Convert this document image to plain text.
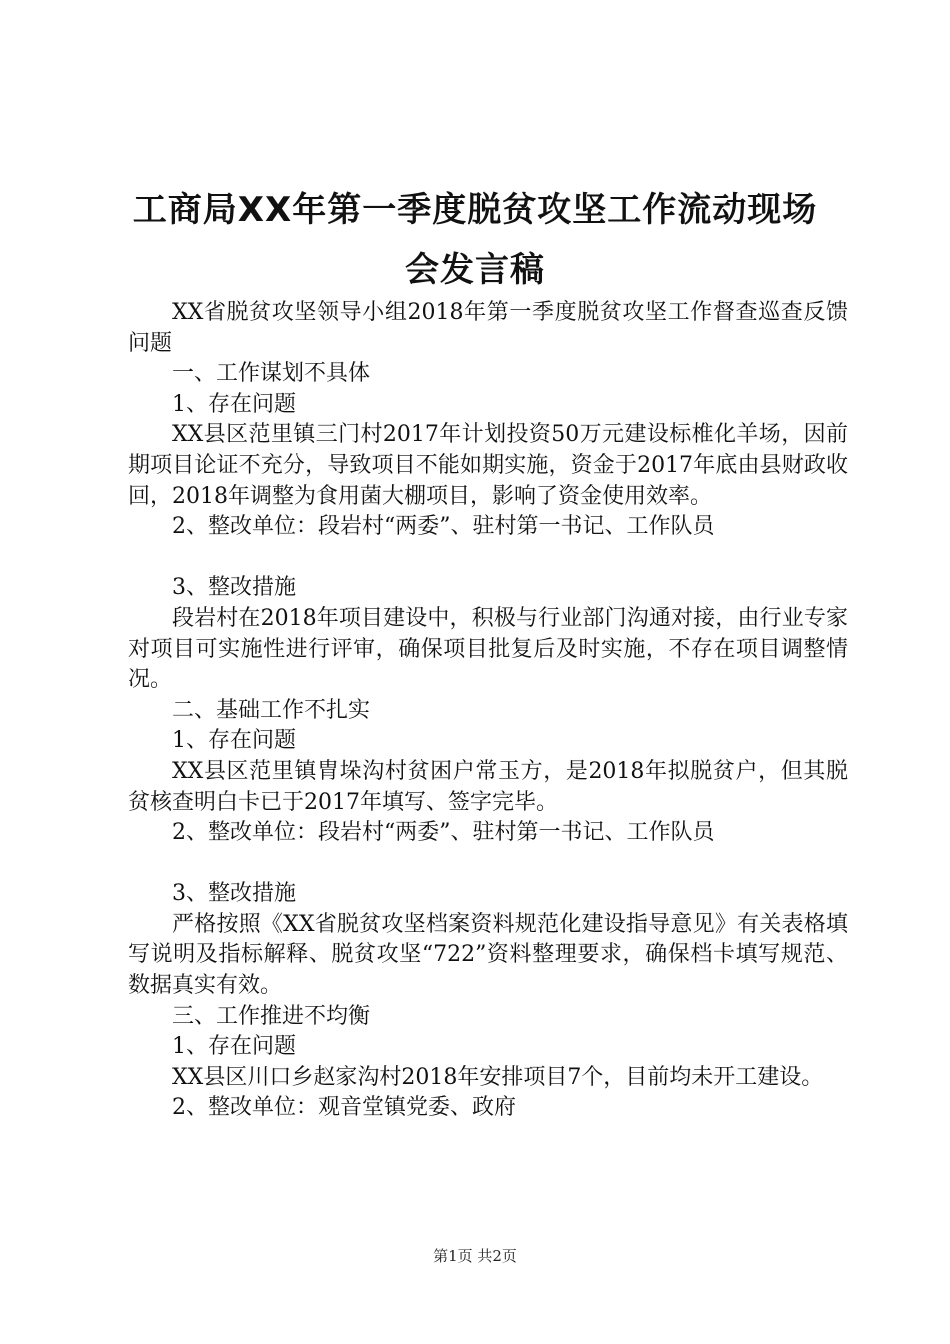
工商局XX年第一季度脱贫攻坚工作流动现场
会发言稿

XX省脱贫攻坚领导小组2018年第一季度脱贫攻坚工作督查巡查反馈问题

一、工作谋划不具体

1、存在问题

XX县区范里镇三门村2017年计划投资50万元建设标椎化羊场，因前期项目论证不充分，导致项目不能如期实施，资金于2017年底由县财政收回，2018年调整为食用菌大棚项目，影响了资金使用效率。

2、整改单位：段岩村“两委”、驻村第一书记、工作队员

3、整改措施

段岩村在2018年项目建设中，积极与行业部门沟通对接，由行业专家对项目可实施性进行评审，确保项目批复后及时实施，不存在项目调整情况。

二、基础工作不扎实

1、存在问题

XX县区范里镇胄垛沟村贫困户常玉方，是2018年拟脱贫户，但其脱贫核查明白卡已于2017年填写、签字完毕。

2、整改单位：段岩村“两委”、驻村第一书记、工作队员

3、整改措施

严格按照《XX省脱贫攻坚档案资料规范化建设指导意见》有关表格填写说明及指标解释、脱贫攻坚“722”资料整理要求，确保档卡填写规范、数据真实有效。

三、工作推进不均衡

1、存在问题

XX县区川口乡赵家沟村2018年安排项目7个，目前均未开工建设。

2、整改单位：观音堂镇党委、政府

第1页 共2页
